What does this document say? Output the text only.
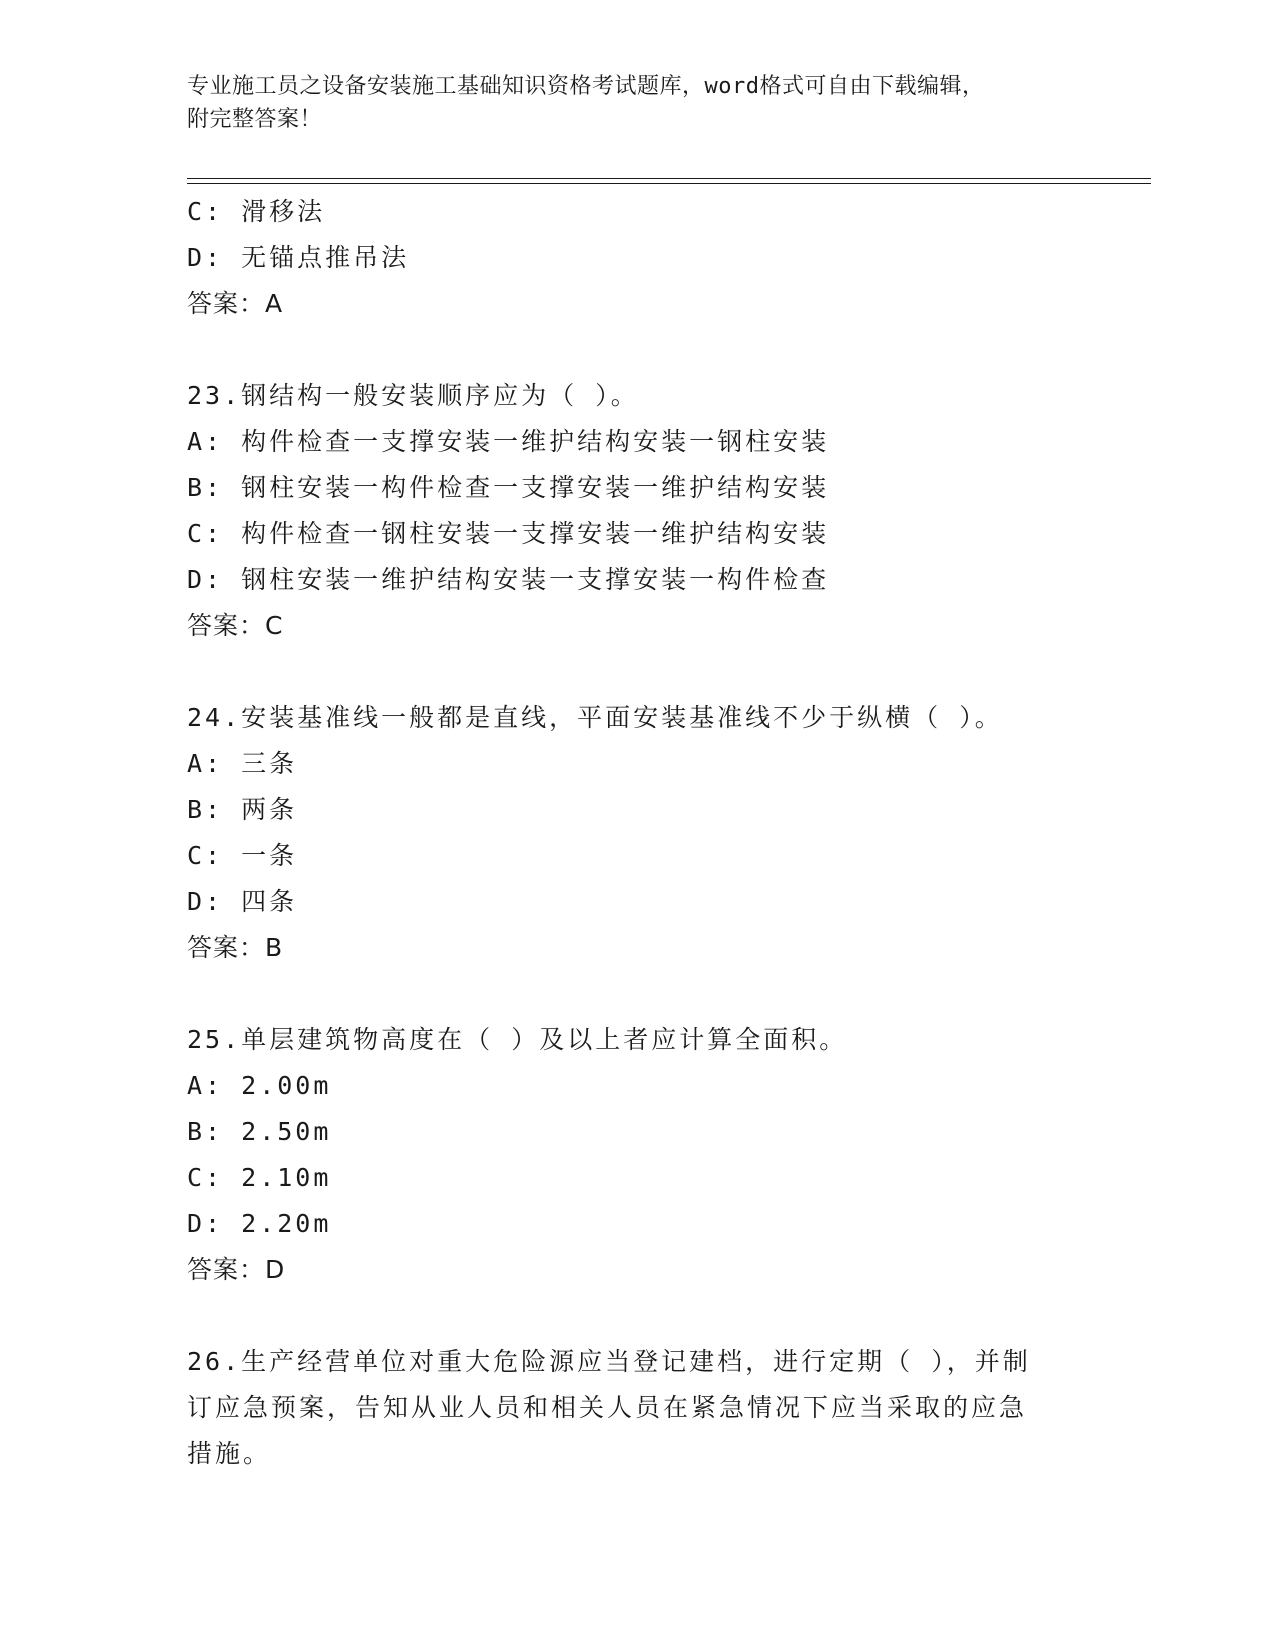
专业施工员之设备安装施工基础知识资格考试题库，word格式可自由下载编辑，
附完整答案！
C: 滑移法
D: 无锚点推吊法
答案：A
23.钢结构一般安装顺序应为（ ）。
A: 构件检查一支撑安装一维护结构安装一钢柱安装
B: 钢柱安装一构件检查一支撑安装一维护结构安装
C: 构件检查一钢柱安装一支撑安装一维护结构安装
D: 钢柱安装一维护结构安装一支撑安装一构件检查
答案：C
24.安装基准线一般都是直线，平面安装基准线不少于纵横（ ）。
A: 三条
B: 两条
C: 一条
D: 四条
答案：B
25.单层建筑物高度在（ ）及以上者应计算全面积。
A: 2.00m
B: 2.50m
C: 2.10m
D: 2.20m
答案：D
26.生产经营单位对重大危险源应当登记建档，进行定期（ ），并制
订应急预案，告知从业人员和相关人员在紧急情况下应当采取的应急
措施。
